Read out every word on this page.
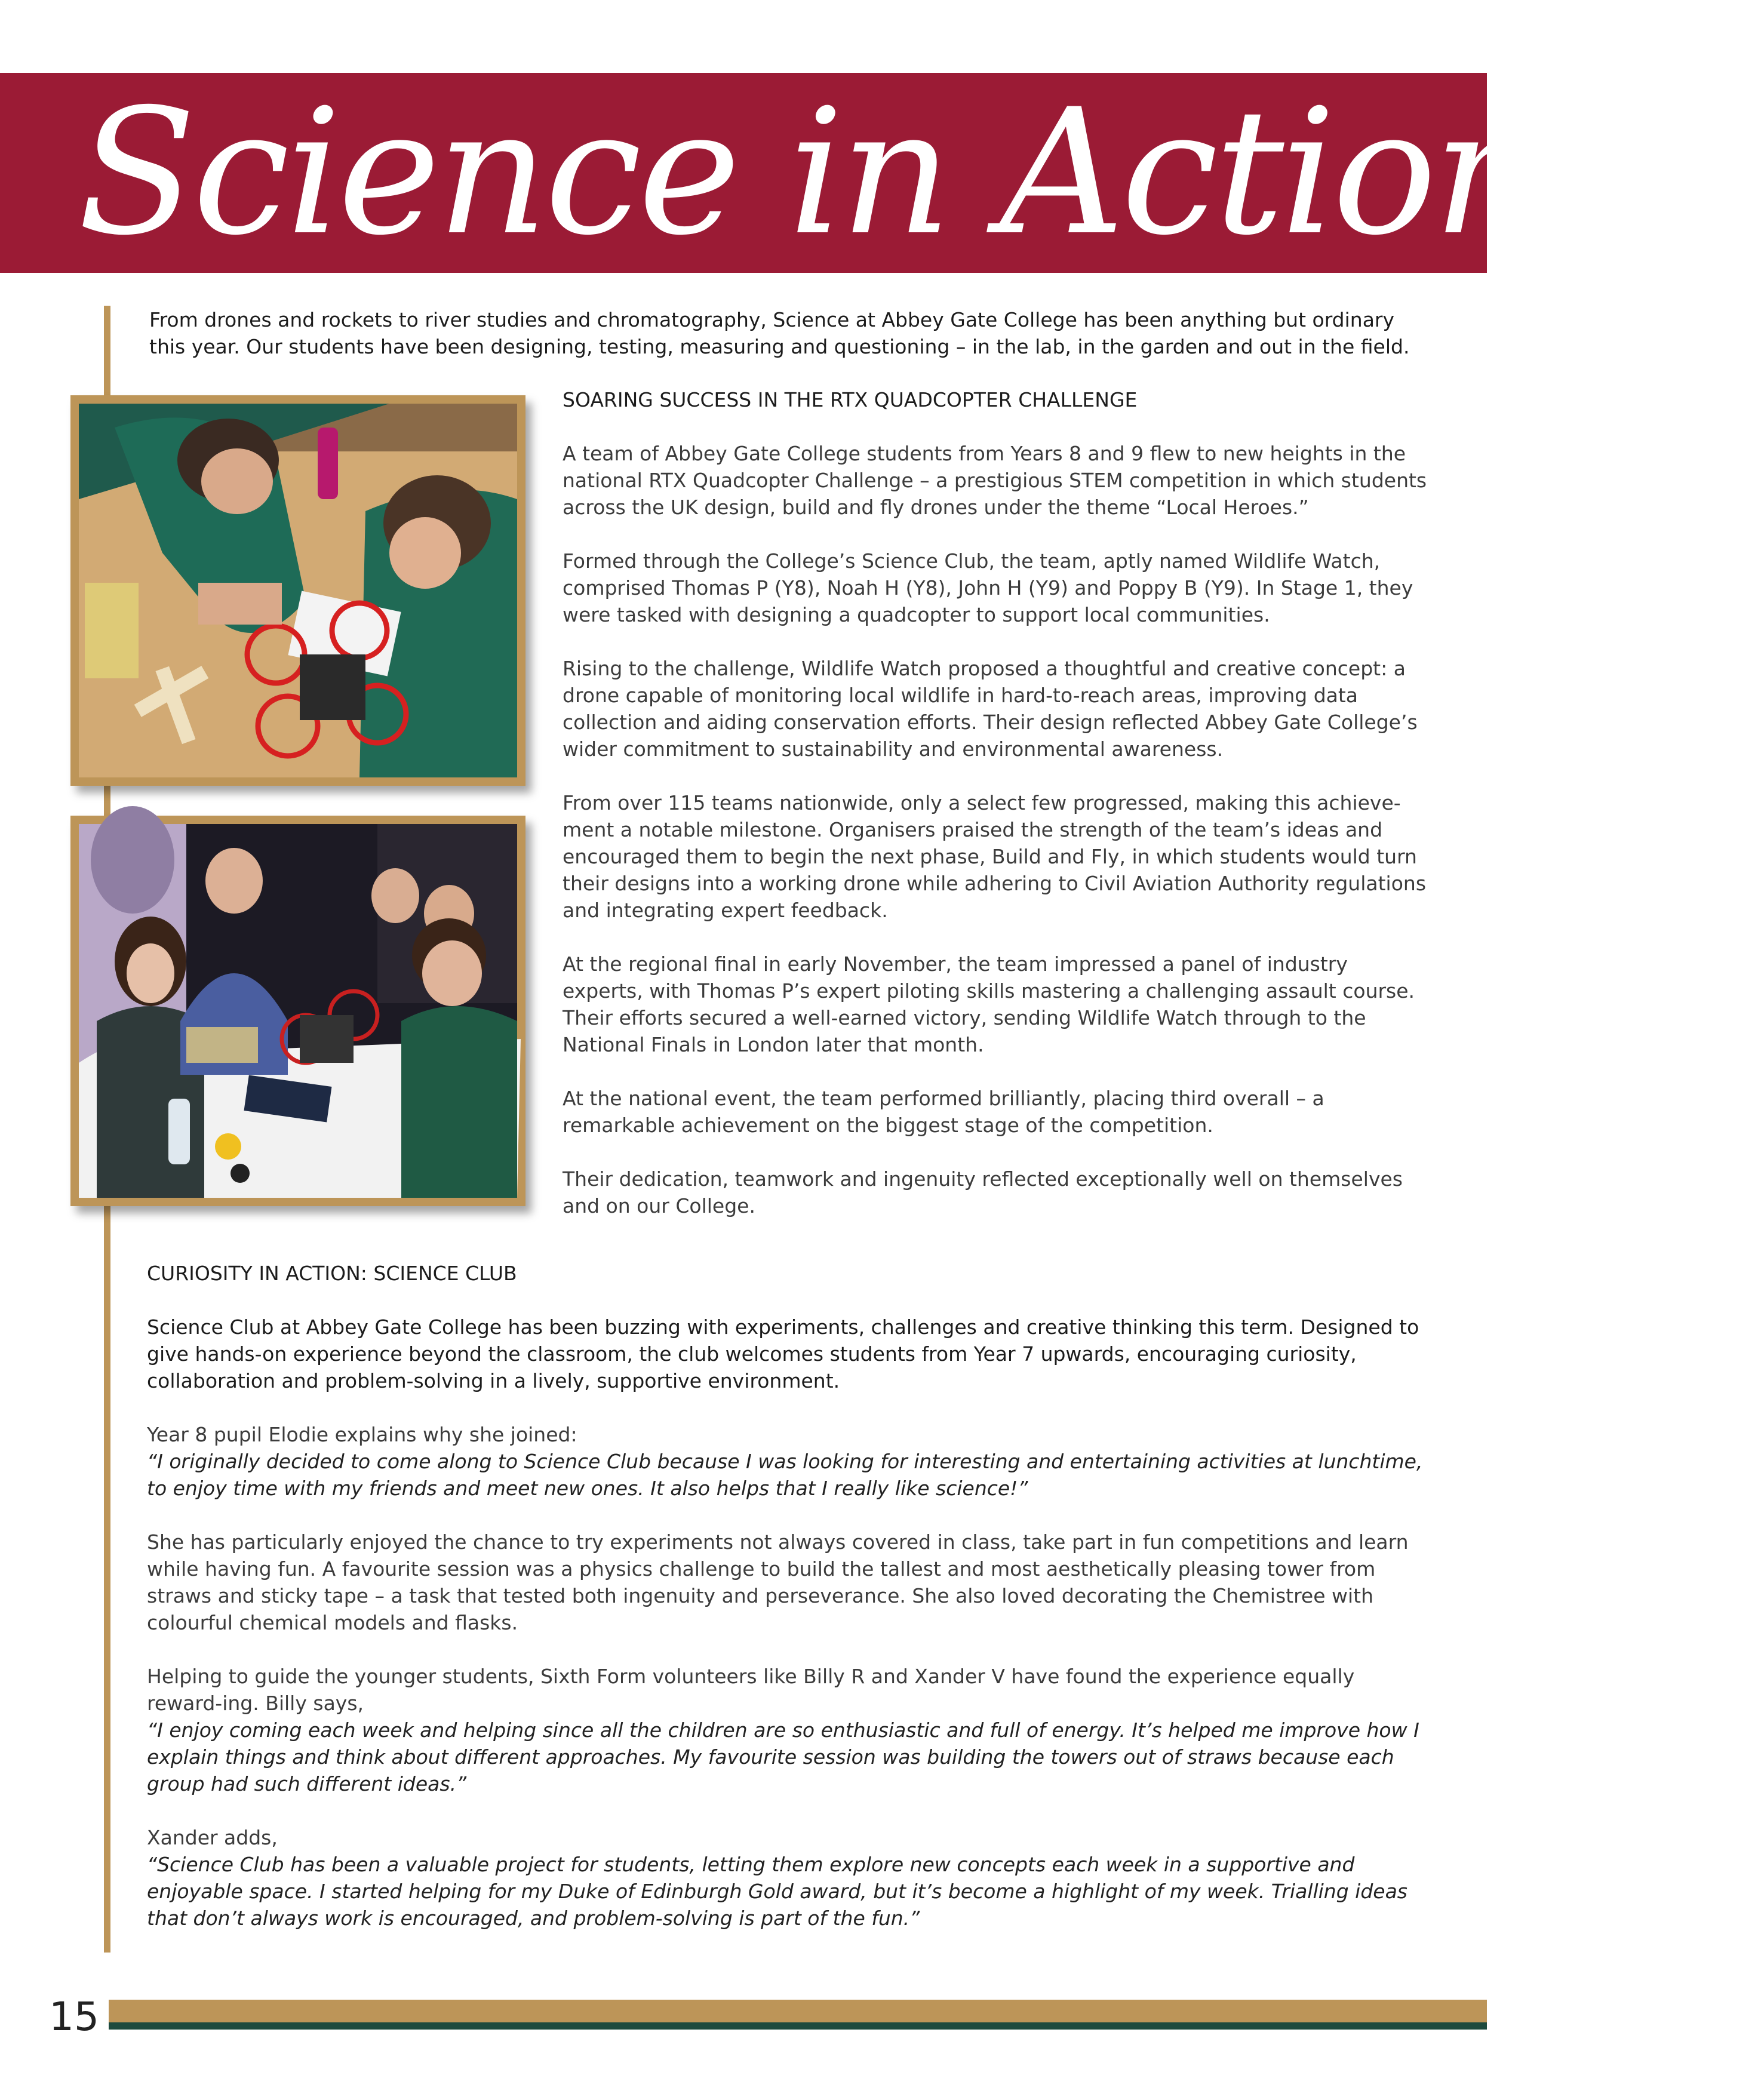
Science in Action at

From drones and rockets to river studies and chromatography, Science at Abbey Gate College has been anything but ordinary this year. Our students have been designing, testing, measuring and questioning – in the lab, in the garden and out in the field.

SOARING SUCCESS IN THE RTX QUADCOPTER CHALLENGE

A team of Abbey Gate College students from Years 8 and 9 flew to new heights in the national RTX Quadcopter Challenge – a prestigious STEM competition in which students across the UK design, build and fly drones under the theme “Local Heroes.”

Formed through the College’s Science Club, the team, aptly named Wildlife Watch, comprised Thomas P (Y8), Noah H (Y8), John H (Y9) and Poppy B (Y9). In Stage 1, they were tasked with designing a quadcopter to support local communities.

Rising to the challenge, Wildlife Watch proposed a thoughtful and creative concept: a drone capable of monitoring local wildlife in hard-to-reach areas, improving data collection and aiding conservation efforts. Their design reflected Abbey Gate College’s wider commitment to sustainability and environmental awareness.

From over 115 teams nationwide, only a select few progressed, making this achieve-ment a notable milestone. Organisers praised the strength of the team’s ideas and encouraged them to begin the next phase, Build and Fly, in which students would turn their designs into a working drone while adhering to Civil Aviation Authority regulations and integrating expert feedback.

At the regional final in early November, the team impressed a panel of industry experts, with Thomas P’s expert piloting skills mastering a challenging assault course. Their efforts secured a well-earned victory, sending Wildlife Watch through to the National Finals in London later that month.

At the national event, the team performed brilliantly, placing third overall – a remarkable achievement on the biggest stage of the competition.

Their dedication, teamwork and ingenuity reflected exceptionally well on themselves and on our College.

CURIOSITY IN ACTION: SCIENCE CLUB

Science Club at Abbey Gate College has been buzzing with experiments, challenges and creative thinking this term. Designed to give hands-on experience beyond the classroom, the club welcomes students from Year 7 upwards, encouraging curiosity, collaboration and problem-solving in a lively, supportive environment.

Year 8 pupil Elodie explains why she joined:

“I originally decided to come along to Science Club because I was looking for interesting and entertaining activities at lunchtime, to enjoy time with my friends and meet new ones. It also helps that I really like science!”

She has particularly enjoyed the chance to try experiments not always covered in class, take part in fun competitions and learn while having fun. A favourite session was a physics challenge to build the tallest and most aesthetically pleasing tower from straws and sticky tape – a task that tested both ingenuity and perseverance. She also loved decorating the Chemistree with colourful chemical models and flasks.

Helping to guide the younger students, Sixth Form volunteers like Billy R and Xander V have found the experience equally reward-ing. Billy says,

“I enjoy coming each week and helping since all the children are so enthusiastic and full of energy. It’s helped me improve how I explain things and think about different approaches. My favourite session was building the towers out of straws because each group had such different ideas.”

Xander adds,

“Science Club has been a valuable project for students, letting them explore new concepts each week in a supportive and enjoyable space. I started helping for my Duke of Edinburgh Gold award, but it’s become a highlight of my week. Trialling ideas that don’t always work is encouraged, and problem-solving is part of the fun.”

15
